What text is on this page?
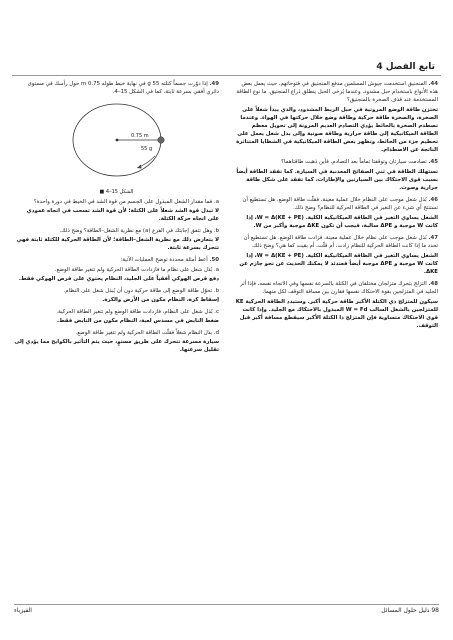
تابع الفصل 4

44. المنجنيق استخدمت جيوش المسلمين مدفع المنجنيق في فتوحاتهم، حيث يعمل بعض هذه الأنواع باستخدام حبل مشدود، وعندما يُرخى الحبل ينطلق ذراع المنجنيق. ما نوع الطاقة المستخدمة عند قذف الصخرة بالمنجنيق؟

تختزن طاقة الوضع المرونية في حبل الربط المشدود، والذي يبدأ شغلاً على الصخرة، والصخرة طاقة حركية وطاقة وضع خلال حركتها في الهواء. وعندما تصطدم الصخرة بالحائط يؤدي التصادم العديم المرونة إلى تحويل معظم الطاقة الميكانيكية إلى طاقة حرارية وطاقة صوتية وإلى بذل شغل يعمل على تحطيم جزء من الحائط، وتظهر بعض الطاقة الميكانيكية في الشظايا المتناثرة الناتجة عن الاصطدام.

45. تصادمت سيارتان وتوقفتا تماماً بعد التصادم، فأين ذهبت طاقتاهما؟

تستهلك الطاقة في ثني الصفائح المعدنية في السيارة. كما تفقد الطاقة أيضاً بسبب قوى الاحتكاك بين السيارتين والإطارات، كما تفقد على شكل طاقة حرارية وصوت.

46. بُذل شغل موجب على النظام خلال عملية معينة، فقلّت طاقة الوضع. هل تستطيع أن تستنتج أي شيء عن التغير في الطاقة الحركية للنظام؟ وضح ذلك.

الشغل يساوي التغير في الطاقة الميكانيكية الكلية. W = Δ(KE + PE)، إذا كانت W موجبة و ΔPE سالبة، فيجب أن تكون ΔKE موجبة وأكبر من W.

47. بُذل شغل موجب على نظام خلال عملية معينة، فزادت طاقة الوضع. هل تستطيع أن تحدد ما إذا كانت الطاقة الحركية للنظام زادت، أم قلّت، أم بقيت كما هي؟ وضح ذلك.

الشغل يساوي التغير في الطاقة الميكانيكية الكلية. W = Δ(KE + PE)، إذا كانت W موجبة و ΔPE موجبة أيضاً فعندئذ لا يمكنك الحديث عن نحو جازم عن ΔKE.

48. التزلج بتحرك متزلجان مختلفان في الكتلة بالسرعة نفسها وفي الاتجاه نفسه، فإذا أثر الجليد في المتزلجين بقوة الاحتكاك نفسها فقارن بين مسافة التوقف لكل منهما.

سيكون للمتزلج ذي الكتلة الأكبر طاقة حركية أكبر. وستبدد الطاقة الحركية KE للمتزلجين بالشغل السالب W = Fd المبذول بالاحتكاك مع الجليد. وإذا كانت قوى الاحتكاك متساوية فإن المتزلج ذا الكتلة الأكبر سيقطع مسافة أكبر قبل التوقف.

49. إذا دوّرت جسماً كتلته 55 g في نهاية خيط طوله 0.75 m حول رأسك في مستوى دائري أفقي بسرعة ثابتة، كما في الشكل 15–4.

0.75 m
55 g
■ الشكل 15–4

a. فما مقدار الشغل المبذول على الجسم من قوة الشد في الخيط في دورة واحدة؟

لا تبذل قوة الشد شغلاً على الكتلة؛ لأن قوة الشد تسحب في اتجاه عمودي على اتجاه حركة الكتلة.

b. وهل تتفق إجابتك في الفرع (a) مع نظرية الشغل–الطاقة؟ وضح ذلك.

لا يتعارض ذلك مع نظرية الشغل–الطاقة؛ لأن الطاقة الحركية للكتلة ثابتة فهي تتحرك بسرعة ثابتة.

50. أعط أمثلة محددة توضح العمليات الآتية:

a. بُذل شغل على نظام ما فازدادت الطاقة الحركية ولم تتغير طاقة الوضع.

دفع قرص الهوكي أفقياً على الجليد، النظام يحتوي على قرص الهوكي فقط.

b. تحوّل طاقة الوضع إلى طاقة حركية دون أن يُبذل شغل على النظام.

إسقاط كرة، النظام مكون من الأرض والكرة.

c. بُذل شغل على النظام، فازدادت طاقة الوضع ولم تتغير الطاقة الحركية.

ضغط النابض في مسدس لعبة، النظام مكون من النابض فقط.

d. بذل النظام شغلاً فقلّت الطاقة الحركية ولم تتغير طاقة الوضع.

سيارة مسرعة تتحرك على طريق مستوٍ، حيث يتم التأثير بالكوابح مما يؤدي إلى تقليل سرعتها.

الفيزياء	98 دليل حلول المسائل
